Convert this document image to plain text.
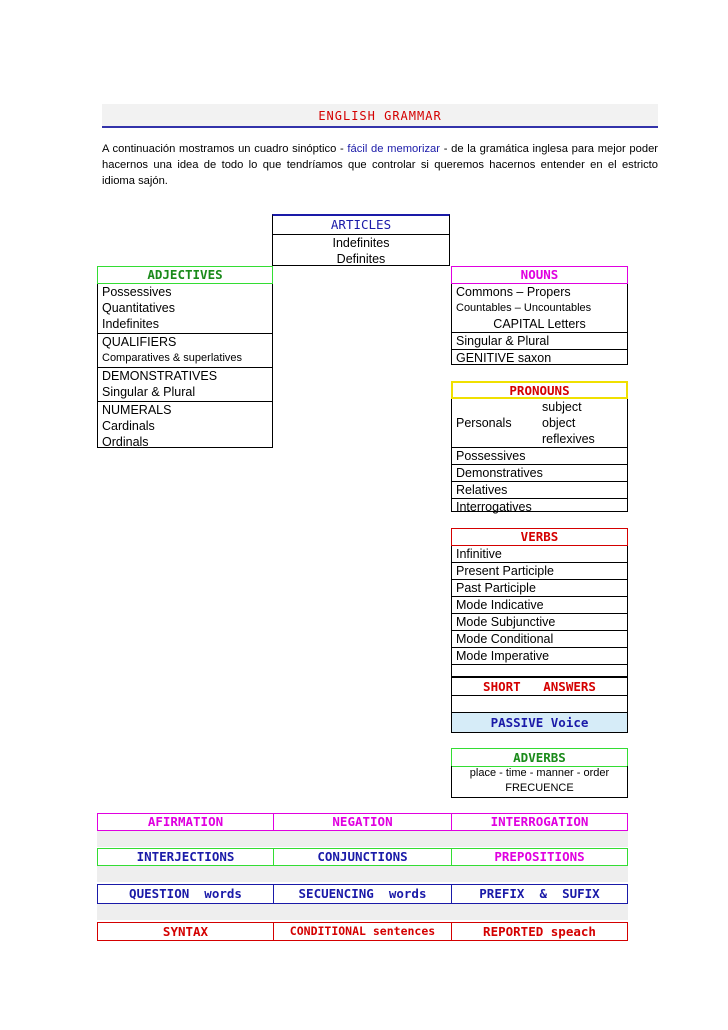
ENGLISH GRAMMAR
A continuación mostramos un cuadro sinóptico - fácil de memorizar - de la gramática inglesa para mejor poder hacernos una idea de todo lo que tendríamos que controlar si queremos hacernos entender en el estricto idioma sajón.
ARTICLES
Indefinites
Definites
ADJECTIVES
Possessives
Quantitatives
Indefinites
QUALIFIERS
Comparatives & superlatives
DEMONSTRATIVES
Singular & Plural
NUMERALS
Cardinals
Ordinals
NOUNS
Commons – Propers
Countables – Uncountables
CAPITAL Letters
Singular & Plural
GENITIVE saxon
PRONOUNS
Personals
subject
object
reflexives
Possessives
Demonstratives
Relatives
Interrogatives
VERBS
Infinitive
Present Participle
Past Participle
Mode Indicative
Mode Subjunctive
Mode Conditional
Mode Imperative
SHORT   ANSWERS
PASSIVE Voice
ADVERBS
place - time - manner - order
FRECUENCE
AFIRMATION	NEGATION	INTERROGATION
INTERJECTIONS	CONJUNCTIONS	PREPOSITIONS
QUESTION  words	SECUENCING  words	PREFIX  &  SUFIX
SYNTAX	CONDITIONAL sentences	REPORTED speach
